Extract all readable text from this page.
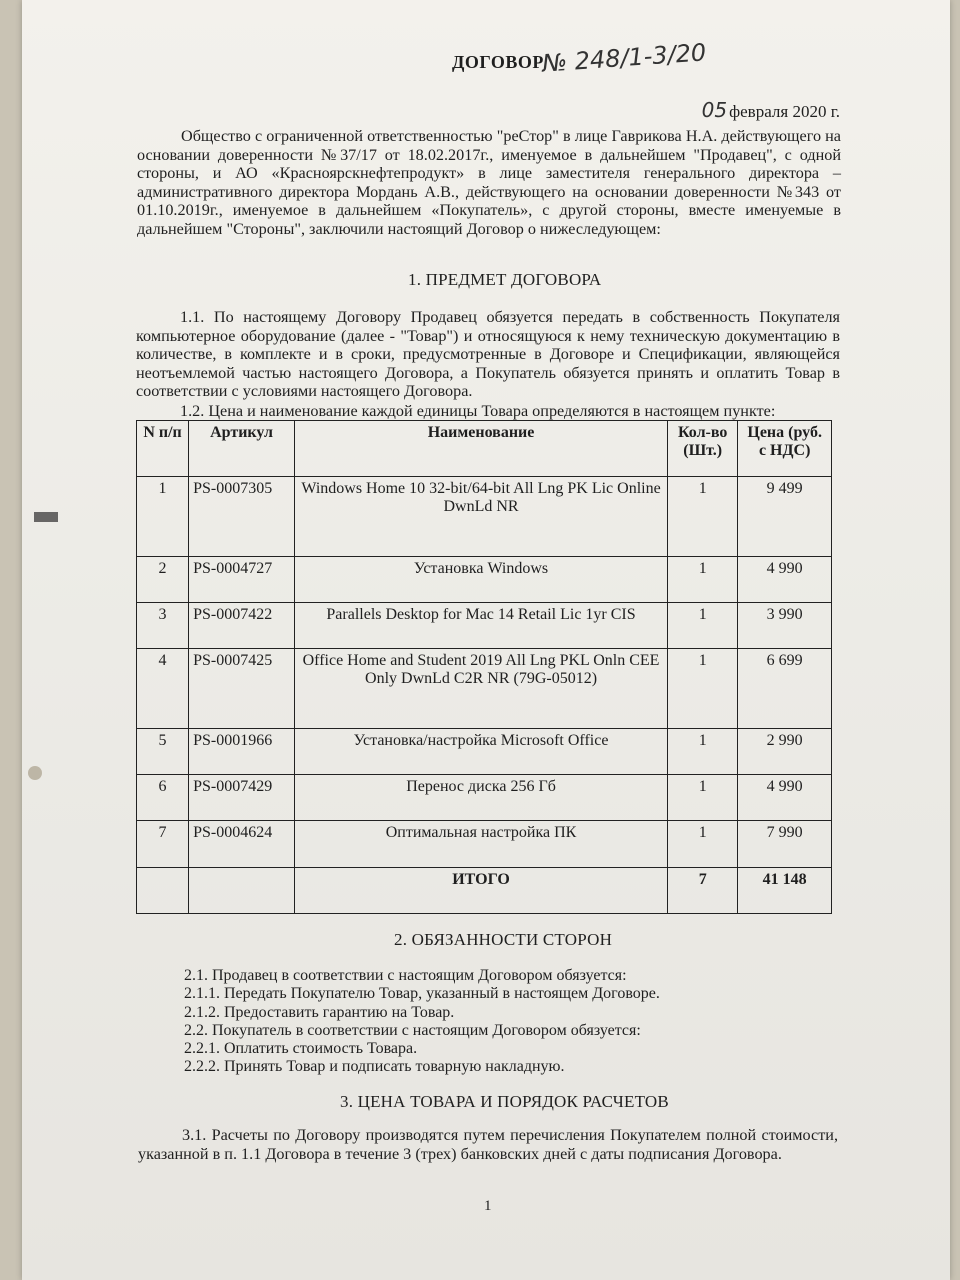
ДОГОВОР
№ 248/1-3/20
05 февраля 2020 г.
Общество с ограниченной ответственностью "реСтор" в лице Гаврикова Н.А. действующего на основании доверенности №37/17 от 18.02.2017г., именуемое в дальнейшем "Продавец", с одной стороны, и АО «Красноярскнефтепродукт» в лице заместителя генерального директора – административного директора Мордань А.В., действующего на основании доверенности №343 от 01.10.2019г., именуемое в дальнейшем «Покупатель», с другой стороны, вместе именуемые в дальнейшем "Стороны", заключили настоящий Договор о нижеследующем:
1. ПРЕДМЕТ ДОГОВОРА
1.1. По настоящему Договору Продавец обязуется передать в собственность Покупателя компьютерное оборудование (далее - "Товар") и относящуюся к нему техническую документацию в количестве, в комплекте и в сроки, предусмотренные в Договоре и Спецификации, являющейся неотъемлемой частью настоящего Договора, а Покупатель обязуется принять и оплатить Товар в соответствии с условиями настоящего Договора.
1.2. Цена и наименование каждой единицы Товара определяются в настоящем пункте:
N п/п	Артикул	Наименование	Кол-во (Шт.)	Цена (руб. с НДС)
1	PS-0007305	Windows Home 10 32-bit/64-bit All Lng PK Lic Online DwnLd NR	1	9 499
2	PS-0004727	Установка Windows	1	4 990
3	PS-0007422	Parallels Desktop for Mac 14 Retail Lic 1yr CIS	1	3 990
4	PS-0007425	Office Home and Student 2019 All Lng PKL Onln CEE Only DwnLd C2R NR (79G-05012)	1	6 699
5	PS-0001966	Установка/настройка Microsoft Office	1	2 990
6	PS-0007429	Перенос диска 256 Гб	1	4 990
7	PS-0004624	Оптимальная настройка ПК	1	7 990
		ИТОГО	7	41 148
2. ОБЯЗАННОСТИ СТОРОН
2.1. Продавец в соответствии с настоящим Договором обязуется:
2.1.1. Передать Покупателю Товар, указанный в настоящем Договоре.
2.1.2. Предоставить гарантию на Товар.
2.2. Покупатель в соответствии с настоящим Договором обязуется:
2.2.1. Оплатить стоимость Товара.
2.2.2. Принять Товар и подписать товарную накладную.
3. ЦЕНА ТОВАРА И ПОРЯДОК РАСЧЕТОВ
3.1. Расчеты по Договору производятся путем перечисления Покупателем полной стоимости, указанной в п. 1.1 Договора в течение 3 (трех) банковских дней с даты подписания Договора.
1
